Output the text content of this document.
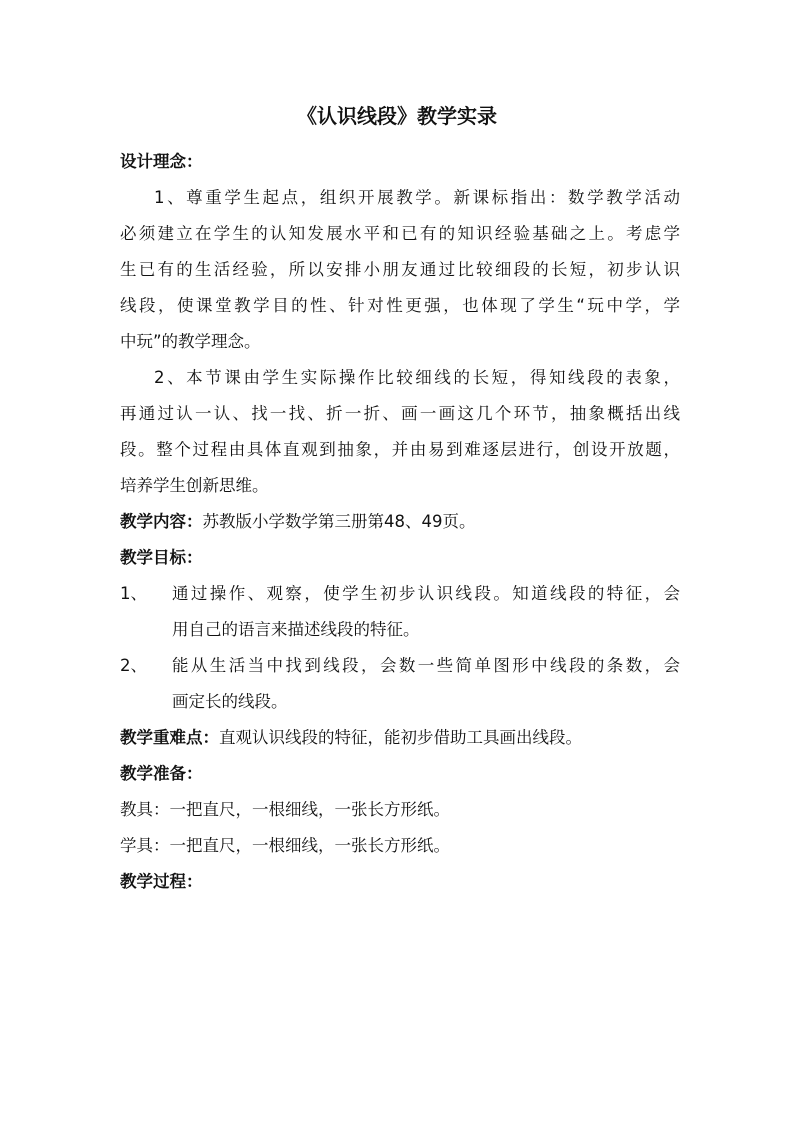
《认识线段》教学实录
设计理念：
1、尊重学生起点，组织开展教学。新课标指出：数学教学活动
必须建立在学生的认知发展水平和已有的知识经验基础之上。考虑学
生已有的生活经验，所以安排小朋友通过比较细段的长短，初步认识
线段，使课堂教学目的性、针对性更强，也体现了学生“玩中学，学
中玩”的教学理念。
2、本节课由学生实际操作比较细线的长短，得知线段的表象，
再通过认一认、找一找、折一折、画一画这几个环节，抽象概括出线
段。整个过程由具体直观到抽象，并由易到难逐层进行，创设开放题，
培养学生创新思维。
教学内容：苏教版小学数学第三册第48、49页。
教学目标：
1、 通过操作、观察，使学生初步认识线段。知道线段的特征，会
用自己的语言来描述线段的特征。
2、 能从生活当中找到线段，会数一些简单图形中线段的条数，会
画定长的线段。
教学重难点：直观认识线段的特征，能初步借助工具画出线段。
教学准备：
教具：一把直尺，一根细线，一张长方形纸。
学具：一把直尺，一根细线，一张长方形纸。
教学过程：
